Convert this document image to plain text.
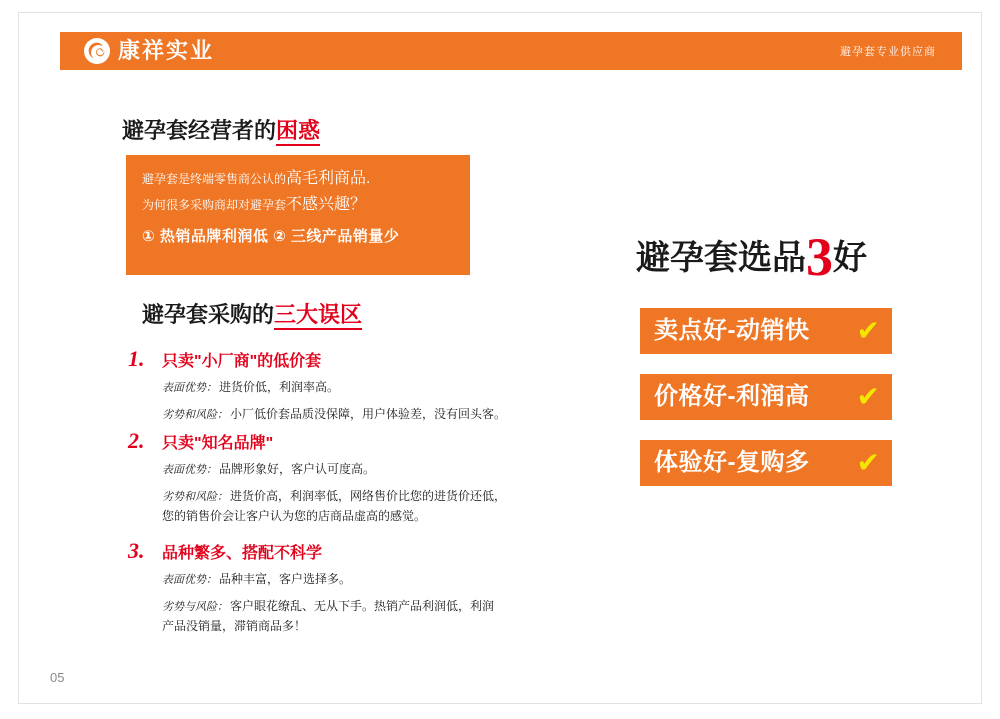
康祥实业	避孕套专业供应商
避孕套经营者的困惑
避孕套是终端零售商公认的高毛利商品.
为何很多采购商却对避孕套不感兴趣？
① 热销品牌利润低 ② 三线产品销量少
避孕套采购的三大误区
1. 只卖"小厂商"的低价套
表面优势： 进货价低，利润率高。
劣势和风险： 小厂低价套品质没保障，用户体验差，没有回头客。
2. 只卖"知名品牌"
表面优势： 品牌形象好，客户认可度高。
劣势和风险： 进货价高，利润率低，网络售价比您的进货价还低，
您的销售价会让客户认为您的店商品虚高的感觉。
3. 品种繁多、搭配不科学
表面优势： 品种丰富，客户选择多。
劣势与风险： 客户眼花缭乱、无从下手。热销产品利润低，利润
产品没销量，滞销商品多！
避孕套选品3好
卖点好-动销快 ✔
价格好-利润高 ✔
体验好-复购多 ✔
05
